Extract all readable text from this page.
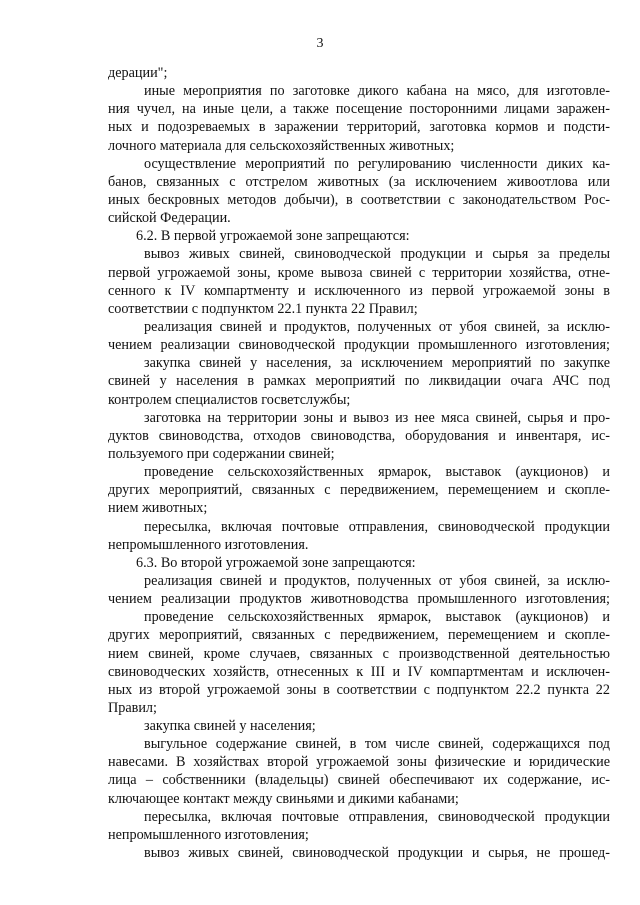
3
дерации";
иные мероприятия по заготовке дикого кабана на мясо, для изготовле-
ния чучел, на иные цели, а также посещение посторонними лицами заражен-
ных и подозреваемых в заражении территорий, заготовка кормов и подсти-
лочного материала для сельскохозяйственных животных;
осуществление мероприятий по регулированию численности диких ка-
банов, связанных с отстрелом животных (за исключением живоотлова или
иных бескровных методов добычи), в соответствии с законодательством Рос-
сийской Федерации.
6.2. В первой угрожаемой зоне запрещаются:
вывоз живых свиней, свиноводческой продукции и сырья за пределы
первой угрожаемой зоны, кроме вывоза свиней с территории хозяйства, отне-
сенного к IV компартменту и исключенного из первой угрожаемой зоны в
соответствии с подпунктом 22.1 пункта 22 Правил;
реализация свиней и продуктов, полученных от убоя свиней, за исклю-
чением реализации свиноводческой продукции промышленного изготовления;
закупка свиней у населения, за исключением мероприятий по закупке
свиней у населения в рамках мероприятий по ликвидации очага АЧС под
контролем специалистов госветслужбы;
заготовка на территории зоны и вывоз из нее мяса свиней, сырья и про-
дуктов свиноводства, отходов свиноводства, оборудования и инвентаря, ис-
пользуемого при содержании свиней;
проведение сельскохозяйственных ярмарок, выставок (аукционов) и
других мероприятий, связанных с передвижением, перемещением и скопле-
нием животных;
пересылка, включая почтовые отправления, свиноводческой продукции
непромышленного изготовления.
6.3. Во второй угрожаемой зоне запрещаются:
реализация свиней и продуктов, полученных от убоя свиней, за исклю-
чением реализации продуктов животноводства промышленного изготовления;
проведение сельскохозяйственных ярмарок, выставок (аукционов) и
других мероприятий, связанных с передвижением, перемещением и скопле-
нием свиней, кроме случаев, связанных с производственной деятельностью
свиноводческих хозяйств, отнесенных к III и IV компартментам и исключен-
ных из второй угрожаемой зоны в соответствии с подпунктом 22.2 пункта 22
Правил;
закупка свиней у населения;
выгульное содержание свиней, в том числе свиней, содержащихся под
навесами. В хозяйствах второй угрожаемой зоны физические и юридические
лица – собственники (владельцы) свиней обеспечивают их содержание, ис-
ключающее контакт между свиньями и дикими кабанами;
пересылка, включая почтовые отправления, свиноводческой продукции
непромышленного изготовления;
вывоз живых свиней, свиноводческой продукции и сырья, не прошед-
